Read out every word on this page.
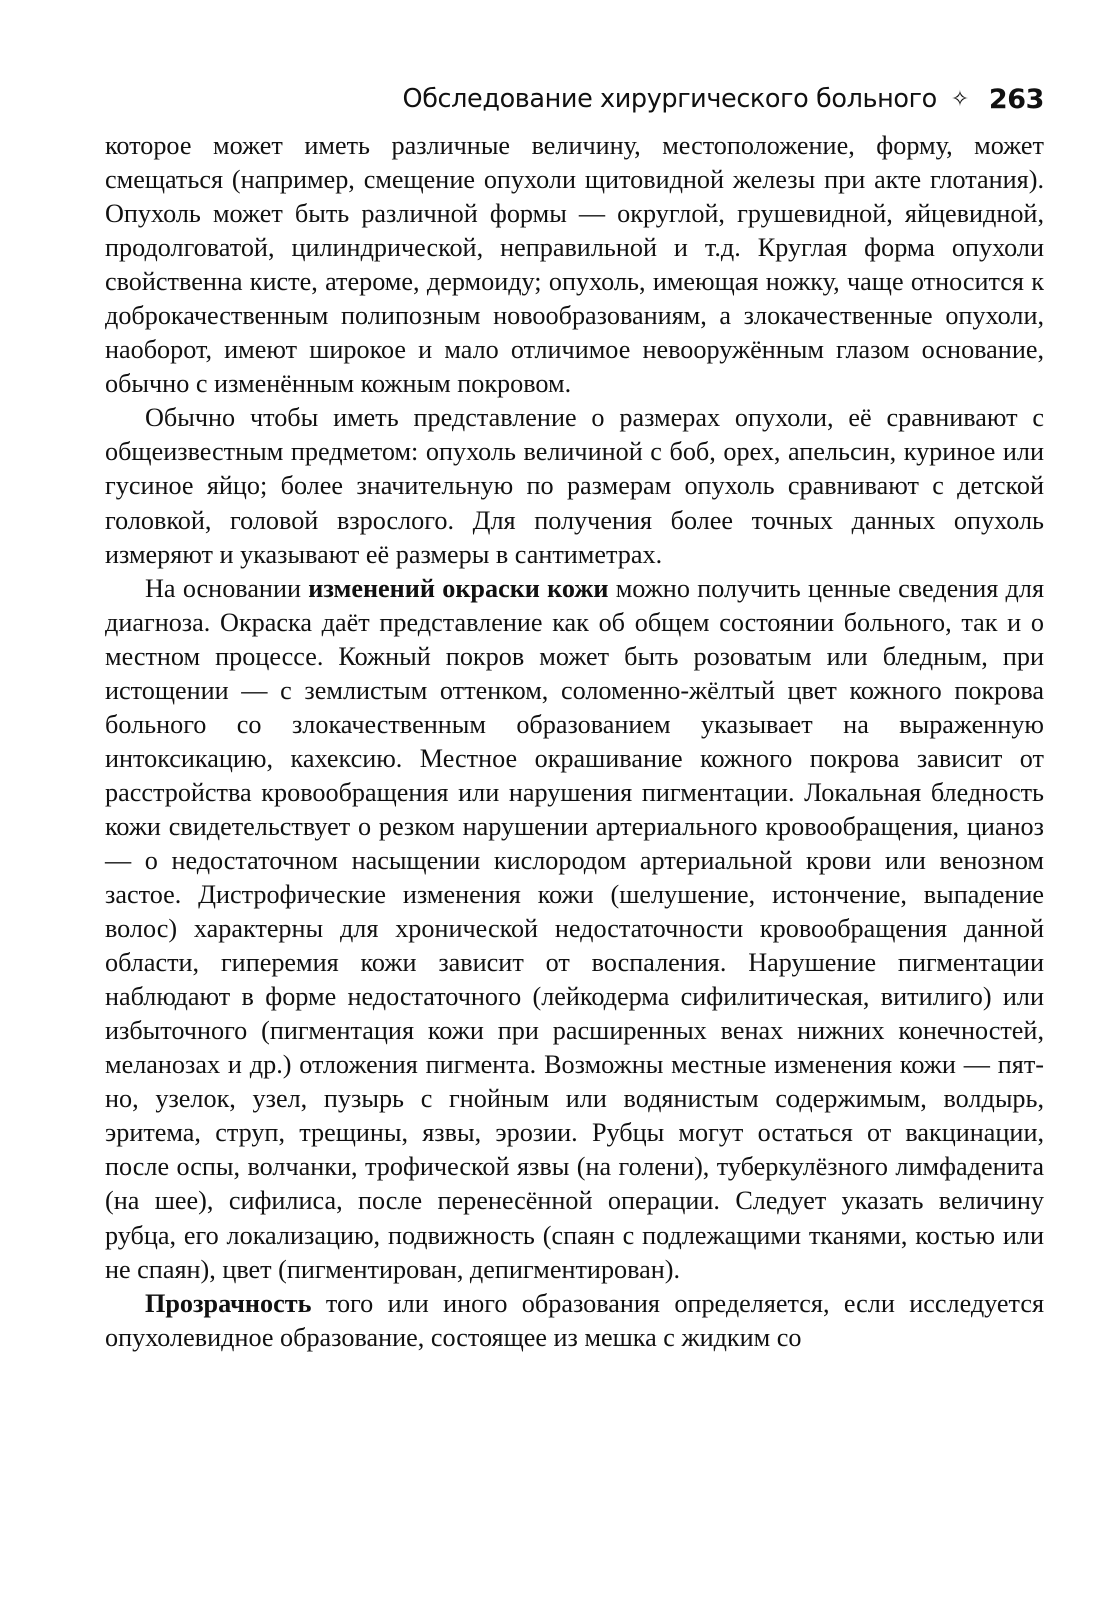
Обследование хирургического больного ✧ 263

которое может иметь различные величину, местоположение, форму, может смещаться (например, смещение опухоли щитовидной железы при акте глотания). Опухоль может быть различной формы — округлой, грушевидной, яйцевидной, продолговатой, цилиндрической, неправильной и т.д. Круглая форма опухоли свойственна кисте, атероме, дермоиду; опухоль, имеющая ножку, чаще относится к доброкачественным полипозным новообразованиям, а злокачественные опухоли, наоборот, имеют широкое и мало отличимое невооружённым глазом основание, обычно с изменённым кожным покровом.

Обычно чтобы иметь представление о размерах опухоли, её сравнивают с общеизвестным предметом: опухоль величиной с боб, орех, апельсин, куриное или гусиное яйцо; более значительную по размерам опухоль сравнивают с детской головкой, головой взрослого. Для получения более точных данных опухоль измеряют и указывают её размеры в сантиметрах.

На основании изменений окраски кожи можно получить ценные сведения для диагноза. Окраска даёт представление как об общем состоянии больного, так и о местном процессе. Кожный покров может быть розоватым или бледным, при истощении — с землистым оттенком, соломенно-жёлтый цвет кожного покрова больного со злокачественным образованием указывает на выраженную интоксикацию, кахексию. Местное окрашивание кожного покрова зависит от расстройства кровообращения или нарушения пигментации. Локальная бледность кожи свидетельствует о резком нарушении артериального кровообращения, цианоз — о недостаточном насыщении кислородом артериальной крови или венозном застое. Дистрофические изменения кожи (шелушение, истончение, выпадение волос) характерны для хронической недостаточности кровообращения данной области, гиперемия кожи зависит от воспаления. Нарушение пигментации наблюдают в форме недостаточного (лейкодерма сифилитическая, витилиго) или избыточного (пигментация кожи при расширенных венах нижних конечностей, меланозах и др.) отложения пигмента. Возможны местные изменения кожи — пятно, узелок, узел, пузырь с гнойным или водянистым содержимым, волдырь, эритема, струп, трещины, язвы, эрозии. Рубцы могут остаться от вакцинации, после оспы, волчанки, трофической язвы (на голени), туберкулёзного лимфаденита (на шее), сифилиса, после перенесённой операции. Следует указать величину рубца, его локализацию, подвижность (спаян с подлежащими тканями, костью или не спаян), цвет (пигментирован, депигментирован).

Прозрачность того или иного образования определяется, если исследуется опухолевидное образование, состоящее из мешка с жидким со
